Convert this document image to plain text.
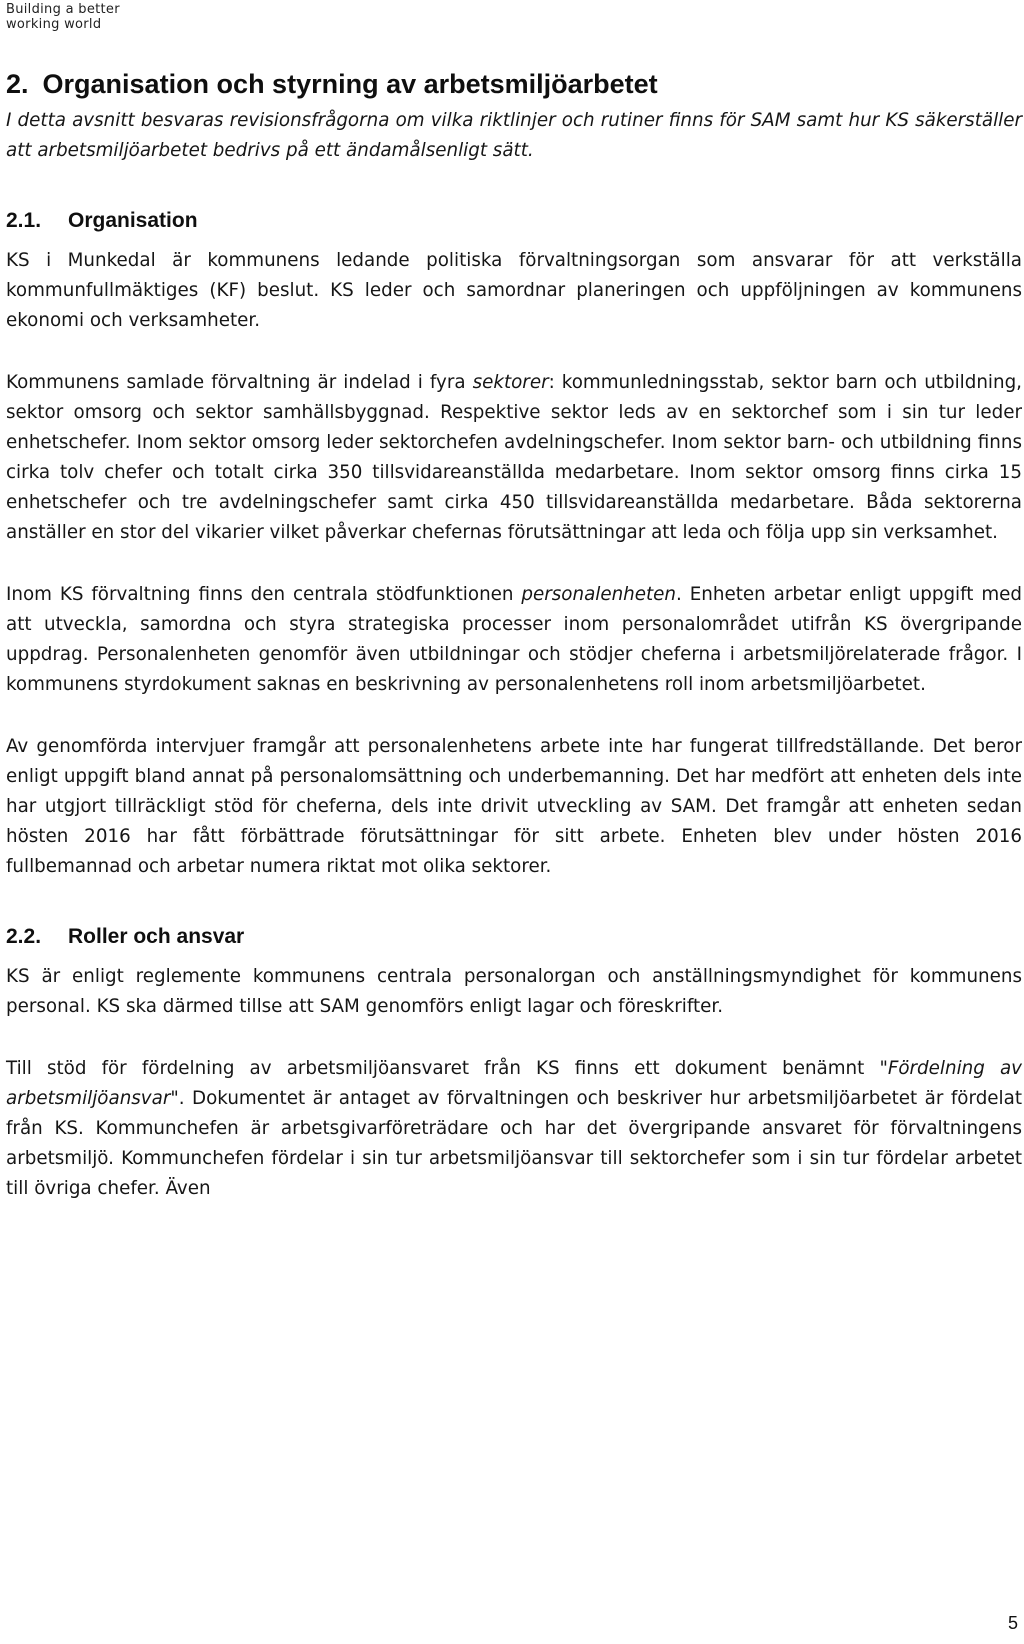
Building a better
working world
2. Organisation och styrning av arbetsmiljöarbetet

I detta avsnitt besvaras revisionsfrågorna om vilka riktlinjer och rutiner finns för SAM samt hur KS säkerställer att arbetsmiljöarbetet bedrivs på ett ändamålsenligt sätt.

2.1. Organisation

KS i Munkedal är kommunens ledande politiska förvaltningsorgan som ansvarar för att verkställa kommunfullmäktiges (KF) beslut. KS leder och samordnar planeringen och uppföljningen av kommunens ekonomi och verksamheter.

Kommunens samlade förvaltning är indelad i fyra sektorer: kommunledningsstab, sektor barn och utbildning, sektor omsorg och sektor samhällsbyggnad. Respektive sektor leds av en sektorchef som i sin tur leder enhetschefer. Inom sektor omsorg leder sektorchefen avdelningschefer. Inom sektor barn- och utbildning finns cirka tolv chefer och totalt cirka 350 tillsvidareanställda medarbetare. Inom sektor omsorg finns cirka 15 enhetschefer och tre avdelningschefer samt cirka 450 tillsvidareanställda medarbetare. Båda sektorerna anställer en stor del vikarier vilket påverkar chefernas förutsättningar att leda och följa upp sin verksamhet.

Inom KS förvaltning finns den centrala stödfunktionen personalenheten. Enheten arbetar enligt uppgift med att utveckla, samordna och styra strategiska processer inom personalområdet utifrån KS övergripande uppdrag. Personalenheten genomför även utbildningar och stödjer cheferna i arbetsmiljörelaterade frågor. I kommunens styrdokument saknas en beskrivning av personalenhetens roll inom arbetsmiljöarbetet.

Av genomförda intervjuer framgår att personalenhetens arbete inte har fungerat tillfredställande. Det beror enligt uppgift bland annat på personalomsättning och underbemanning. Det har medfört att enheten dels inte har utgjort tillräckligt stöd för cheferna, dels inte drivit utveckling av SAM. Det framgår att enheten sedan hösten 2016 har fått förbättrade förutsättningar för sitt arbete. Enheten blev under hösten 2016 fullbemannad och arbetar numera riktat mot olika sektorer.

2.2. Roller och ansvar

KS är enligt reglemente kommunens centrala personalorgan och anställningsmyndighet för kommunens personal. KS ska därmed tillse att SAM genomförs enligt lagar och föreskrifter.

Till stöd för fördelning av arbetsmiljöansvaret från KS finns ett dokument benämnt "Fördelning av arbetsmiljöansvar". Dokumentet är antaget av förvaltningen och beskriver hur arbetsmiljöarbetet är fördelat från KS. Kommunchefen är arbetsgivarföreträdare och har det övergripande ansvaret för förvaltningens arbetsmiljö. Kommunchefen fördelar i sin tur arbetsmiljöansvar till sektorchefer som i sin tur fördelar arbetet till övriga chefer. Även

5
